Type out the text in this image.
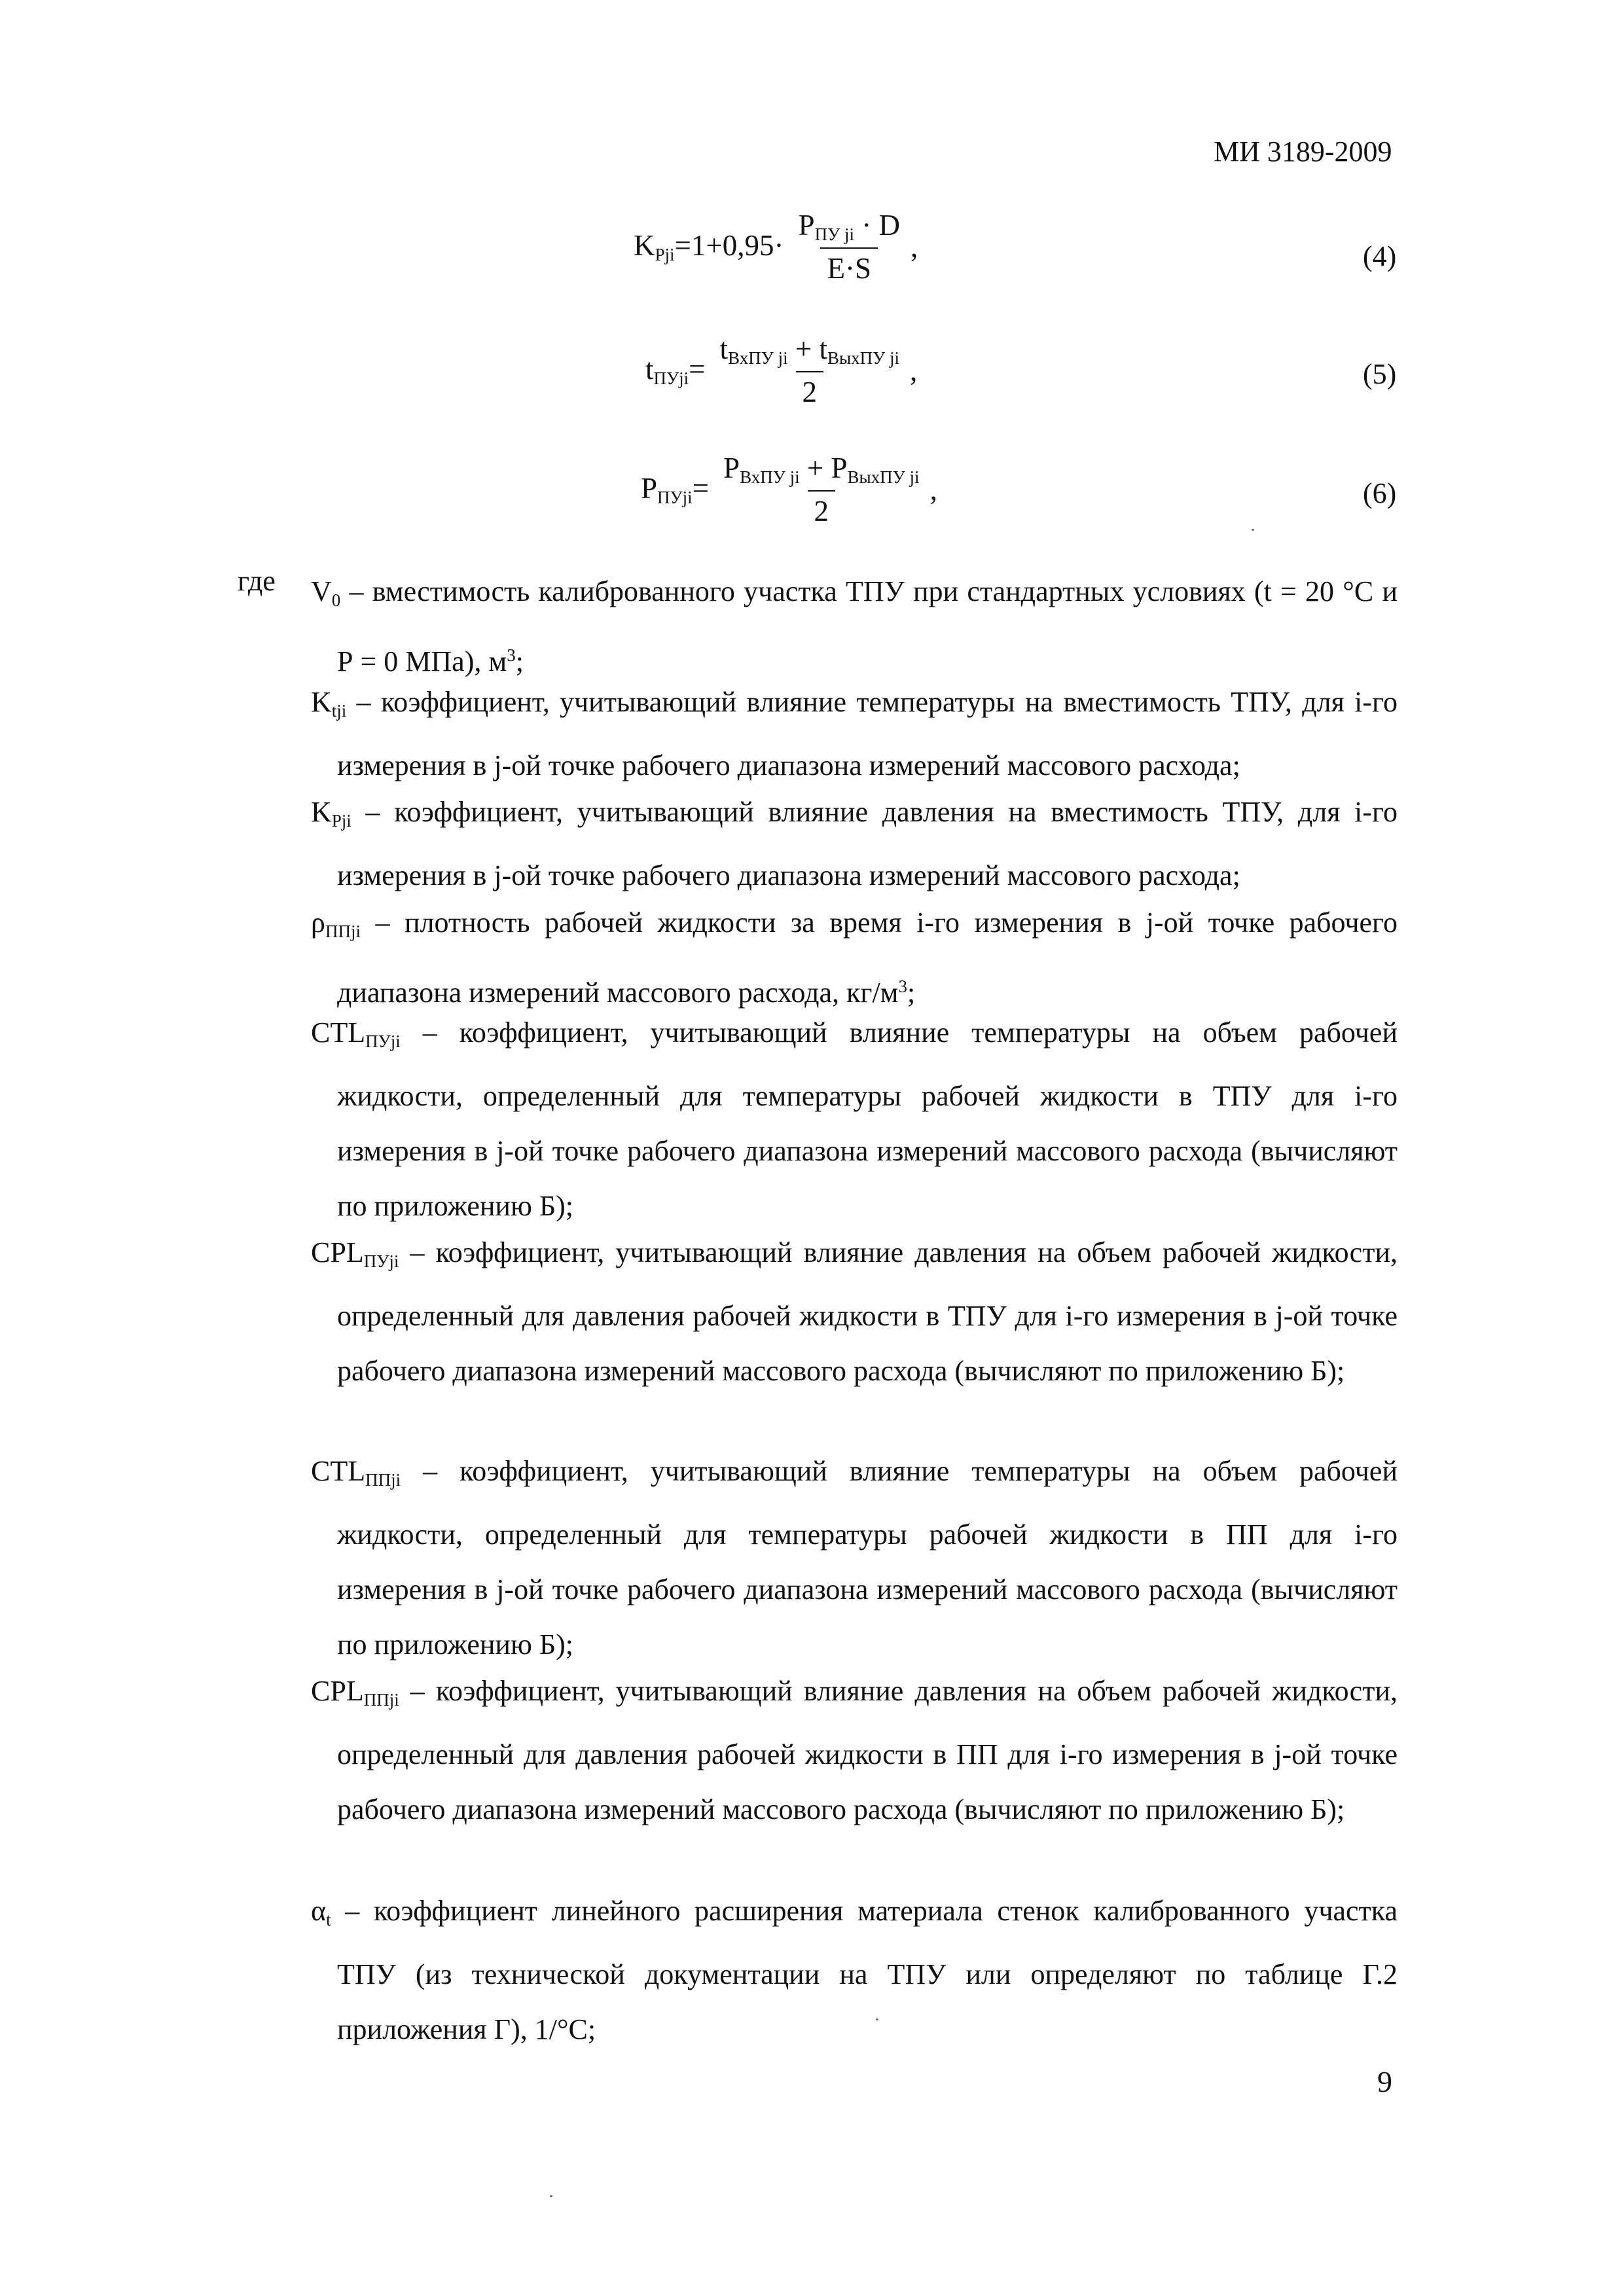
МИ 3189-2009
$K_{Pji}=1+0,95\cdot \frac{P_{ПУ ji} \cdot D}{E\cdot S}$ ,	(4)
$t_{ПУji}= \frac{t_{ВхПУ ji} + t_{ВыхПУ ji}}{2}$ ,	(5)
$P_{ПУji}= \frac{P_{ВхПУ ji} + P_{ВыхПУ ji}}{2}$ ,	(6)
где $V_0$ – вместимость калиброванного участка ТПУ при стандартных условиях (t = 20 °С и Р = 0 МПа), $м^3$;
$K_{tji}$ – коэффициент, учитывающий влияние температуры на вместимость ТПУ, для i-го измерения в j-ой точке рабочего диапазона измерений массового расхода;
$K_{Pji}$ – коэффициент, учитывающий влияние давления на вместимость ТПУ, для i-го измерения в j-ой точке рабочего диапазона измерений массового расхода;
$\rho_{ППji}$ – плотность рабочей жидкости за время i-го измерения в j-ой точке рабочего диапазона измерений массового расхода, $кг/м^3$;
$CTL_{ПУji}$ – коэффициент, учитывающий влияние температуры на объем рабочей жидкости, определенный для температуры рабочей жидкости в ТПУ для i-го измерения в j-ой точке рабочего диапазона измерений массового расхода (вычисляют по приложению Б);
$CPL_{ПУji}$ – коэффициент, учитывающий влияние давления на объем рабочей жидкости, определенный для давления рабочей жидкости в ТПУ для i-го измерения в j-ой точке рабочего диапазона измерений массового расхода (вычисляют по приложению Б);
$CTL_{ППji}$ – коэффициент, учитывающий влияние температуры на объем рабочей жидкости, определенный для температуры рабочей жидкости в ПП для i-го измерения в j-ой точке рабочего диапазона измерений массового расхода (вычисляют по приложению Б);
$CPL_{ППji}$ – коэффициент, учитывающий влияние давления на объем рабочей жидкости, определенный для давления рабочей жидкости в ПП для i-го измерения в j-ой точке рабочего диапазона измерений массового расхода (вычисляют по приложению Б);
$\alpha_t$ – коэффициент линейного расширения материала стенок калиброванного участка ТПУ (из технической документации на ТПУ или определяют по таблице Г.2 приложения Г), 1/°С;
9
